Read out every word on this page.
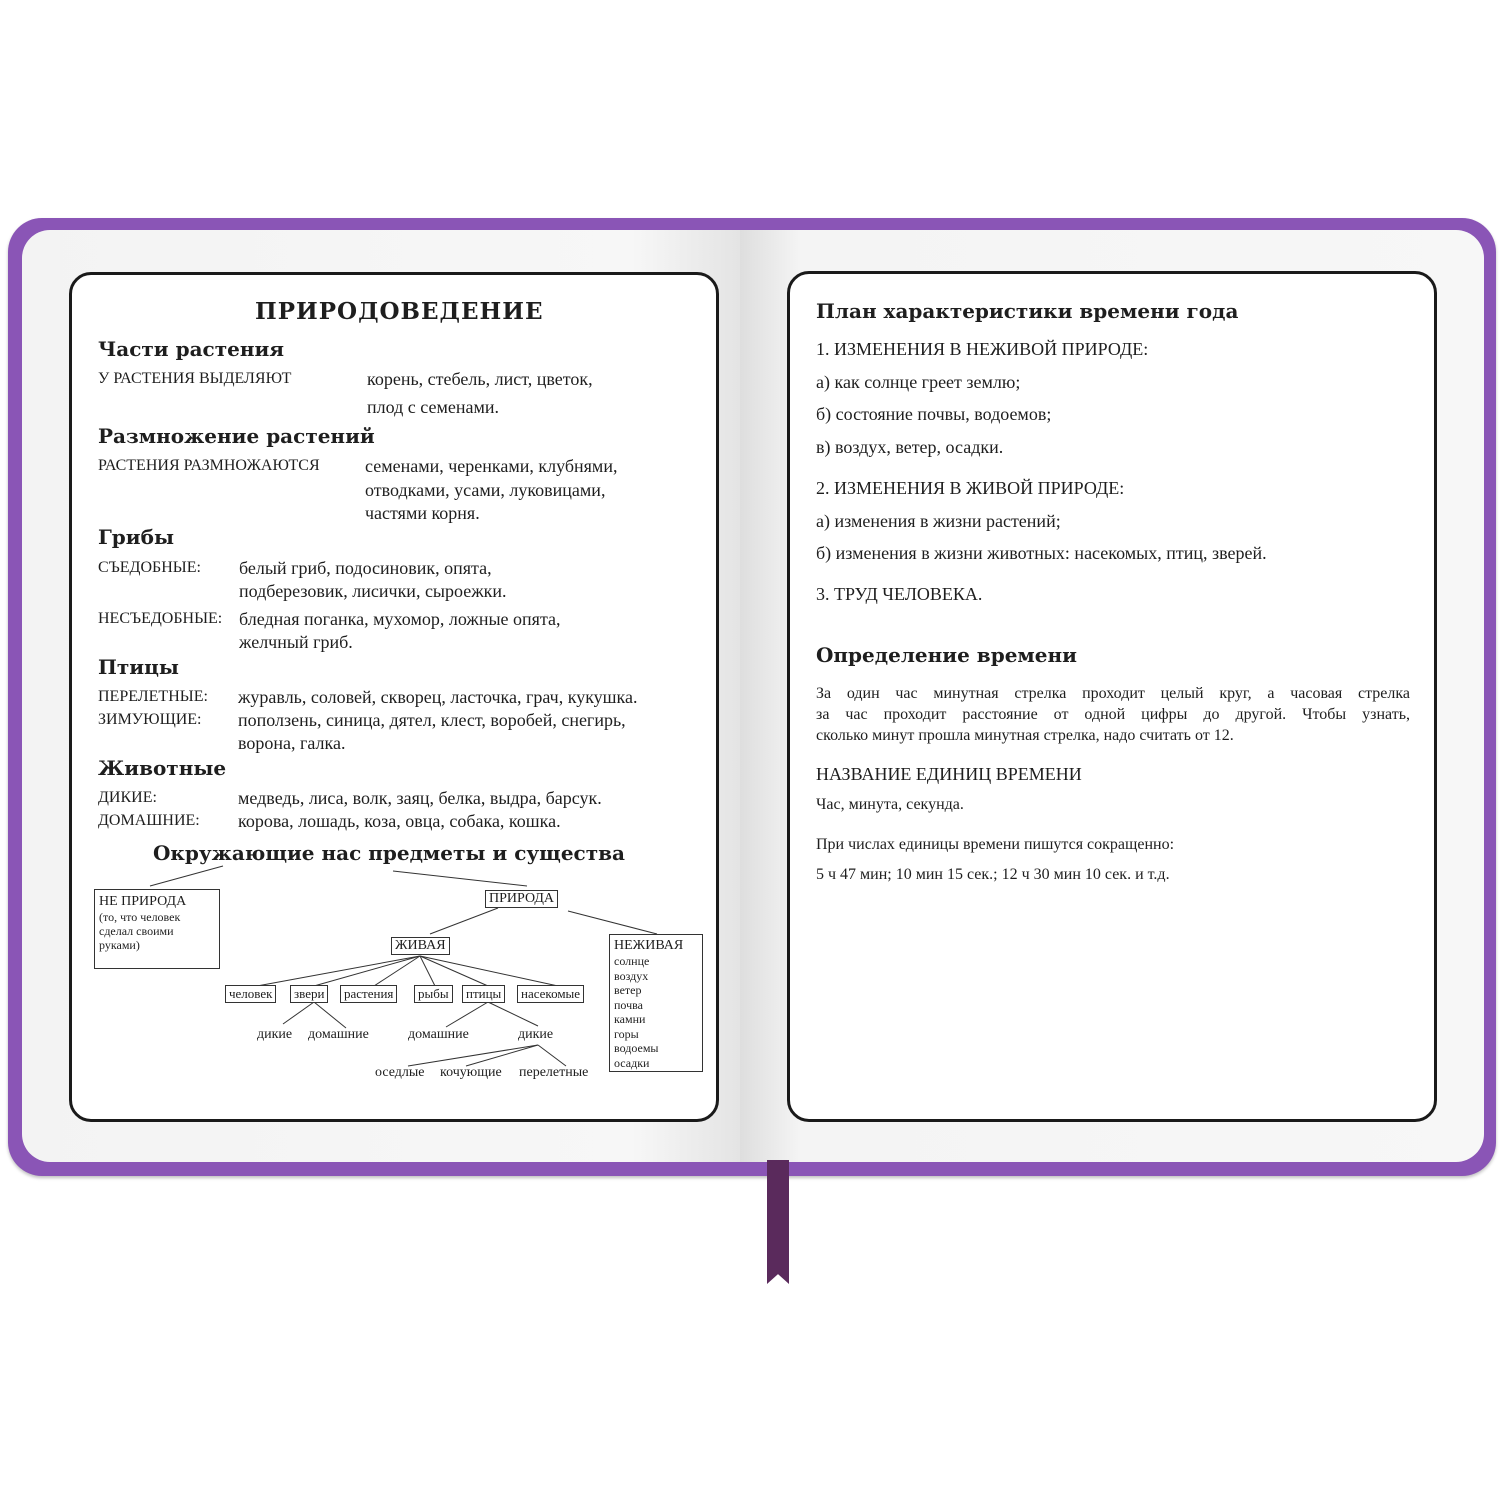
ПРИРОДОВЕДЕНИЕ
Части растения
У РАСТЕНИЯ ВЫДЕЛЯЮТ	корень, стебель, лист, цветок,
плод с семенами.
Размножение растений
РАСТЕНИЯ РАЗМНОЖАЮТСЯ	семенами, черенками, клубнями,
отводками, усами, луковицами,
частями корня.
Грибы
СЪЕДОБНЫЕ: белый гриб, подосиновик, опята,
подберезовик, лисички, сыроежки.
НЕСЪЕДОБНЫЕ: бледная поганка, мухомор, ложные опята,
желчный гриб.
Птицы
ПЕРЕЛЕТНЫЕ: журавль, соловей, скворец, ласточка, грач, кукушка.
ЗИМУЮЩИЕ: поползень, синица, дятел, клест, воробей, снегирь,
ворона, галка.
Животные
ДИКИЕ:	медведь, лиса, волк, заяц, белка, выдра, барсук.
ДОМАШНИЕ: корова, лошадь, коза, овца, собака, кошка.
Окружающие нас предметы и существа
НЕ ПРИРОДА
(то, что человек
сделал своими
руками)
ПРИРОДА
ЖИВАЯ	НЕЖИВАЯ
солнце
воздух
ветер
почва
камни
горы
водоемы
осадки
человек	звери	растения	рыбы	птицы	насекомые
дикие домашние	домашние	дикие
оседлые кочующие перелетные
План характеристики времени года
1. ИЗМЕНЕНИЯ В НЕЖИВОЙ ПРИРОДЕ:
а) как солнце греет землю;
б) состояние почвы, водоемов;
в) воздух, ветер, осадки.
2. ИЗМЕНЕНИЯ В ЖИВОЙ ПРИРОДЕ:
а) изменения в жизни растений;
б) изменения в жизни животных: насекомых, птиц, зверей.
3. ТРУД ЧЕЛОВЕКА.
Определение времени
За один час минутная стрелка проходит целый круг, а часовая стрелка
за час проходит расстояние от одной цифры до другой. Чтобы узнать,
сколько минут прошла минутная стрелка, надо считать от 12.
НАЗВАНИЕ ЕДИНИЦ ВРЕМЕНИ
Час, минута, секунда.
При числах единицы времени пишутся сокращенно:
5 ч 47 мин; 10 мин 15 сек.; 12 ч 30 мин 10 сек. и т.д.
